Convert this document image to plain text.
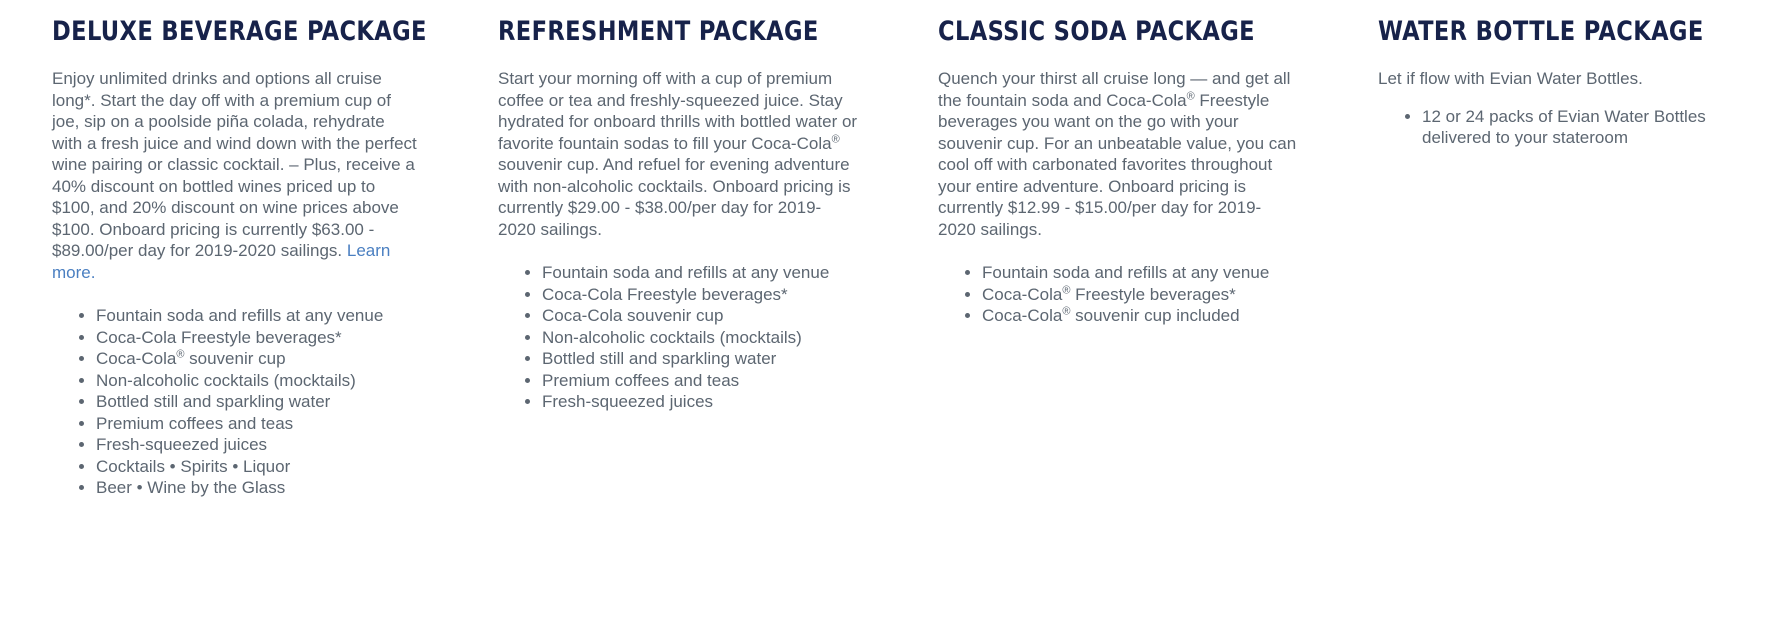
DELUXE BEVERAGE PACKAGE

Enjoy unlimited drinks and options all cruise long*. Start the day off with a premium cup of joe, sip on a poolside piña colada, rehydrate with a fresh juice and wind down with the perfect wine pairing or classic cocktail. – Plus, receive a 40% discount on bottled wines priced up to $100, and 20% discount on wine prices above $100. Onboard pricing is currently $63.00 - $89.00/per day for 2019-2020 sailings. Learn more.

• Fountain soda and refills at any venue
• Coca-Cola Freestyle beverages*
• Coca-Cola® souvenir cup
• Non-alcoholic cocktails (mocktails)
• Bottled still and sparkling water
• Premium coffees and teas
• Fresh-squeezed juices
• Cocktails • Spirits • Liquor
• Beer • Wine by the Glass
REFRESHMENT PACKAGE

Start your morning off with a cup of premium coffee or tea and freshly-squeezed juice. Stay hydrated for onboard thrills with bottled water or favorite fountain sodas to fill your Coca-Cola® souvenir cup. And refuel for evening adventure with non-alcoholic cocktails. Onboard pricing is currently $29.00 - $38.00/per day for 2019-2020 sailings.

• Fountain soda and refills at any venue
• Coca-Cola Freestyle beverages*
• Coca-Cola souvenir cup
• Non-alcoholic cocktails (mocktails)
• Bottled still and sparkling water
• Premium coffees and teas
• Fresh-squeezed juices
CLASSIC SODA PACKAGE

Quench your thirst all cruise long — and get all the fountain soda and Coca-Cola® Freestyle beverages you want on the go with your souvenir cup. For an unbeatable value, you can cool off with carbonated favorites throughout your entire adventure. Onboard pricing is currently $12.99 - $15.00/per day for 2019-2020 sailings.

• Fountain soda and refills at any venue
• Coca-Cola® Freestyle beverages*
• Coca-Cola® souvenir cup included
WATER BOTTLE PACKAGE

Let if flow with Evian Water Bottles.

• 12 or 24 packs of Evian Water Bottles delivered to your stateroom
